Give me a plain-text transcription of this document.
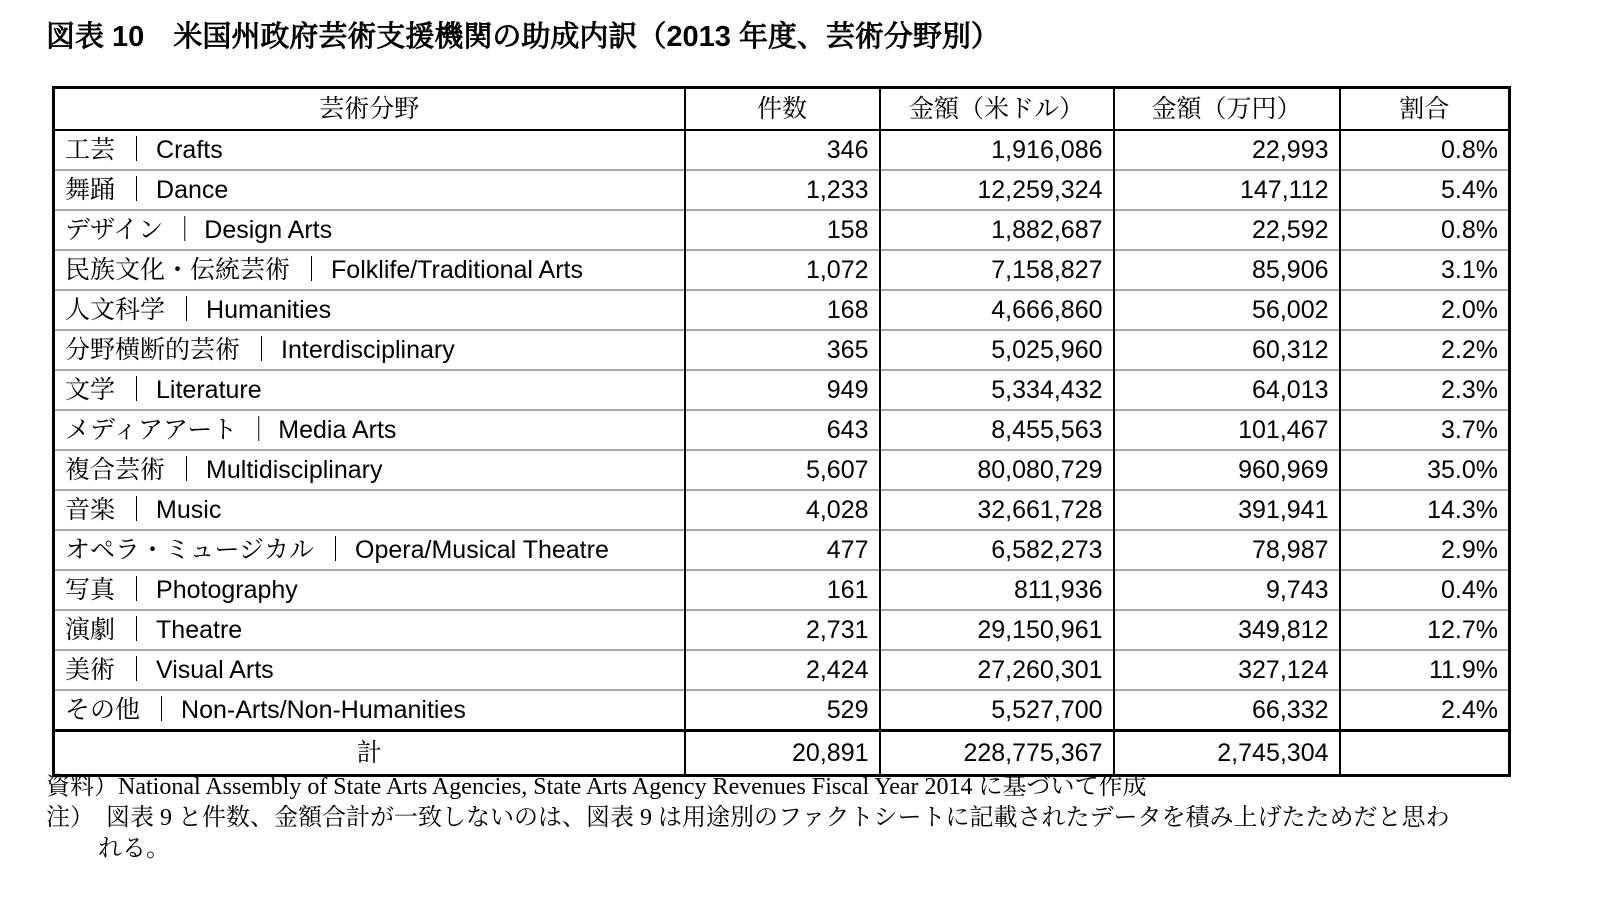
図表 10　米国州政府芸術支援機関の助成内訳（2013 年度、芸術分野別）
芸術分野	件数	金額（米ドル）	金額（万円）	割合
工芸 ｜ Crafts	346	1,916,086	22,993	0.8%
舞踊 ｜ Dance	1,233	12,259,324	147,112	5.4%
デザイン ｜ Design Arts	158	1,882,687	22,592	0.8%
民族文化・伝統芸術 ｜ Folklife/Traditional Arts	1,072	7,158,827	85,906	3.1%
人文科学 ｜ Humanities	168	4,666,860	56,002	2.0%
分野横断的芸術 ｜ Interdisciplinary	365	5,025,960	60,312	2.2%
文学 ｜ Literature	949	5,334,432	64,013	2.3%
メディアアート ｜ Media Arts	643	8,455,563	101,467	3.7%
複合芸術 ｜ Multidisciplinary	5,607	80,080,729	960,969	35.0%
音楽 ｜ Music	4,028	32,661,728	391,941	14.3%
オペラ・ミュージカル ｜ Opera/Musical Theatre	477	6,582,273	78,987	2.9%
写真 ｜ Photography	161	811,936	9,743	0.4%
演劇 ｜ Theatre	2,731	29,150,961	349,812	12.7%
美術 ｜ Visual Arts	2,424	27,260,301	327,124	11.9%
その他 ｜ Non-Arts/Non-Humanities	529	5,527,700	66,332	2.4%
計	20,891	228,775,367	2,745,304	
資料）National Assembly of State Arts Agencies, State Arts Agency Revenues Fiscal Year 2014 に基づいて作成
注）　図表 9 と件数、金額合計が一致しないのは、図表 9 は用途別のファクトシートに記載されたデータを積み上げたためだと思わ
れる。
